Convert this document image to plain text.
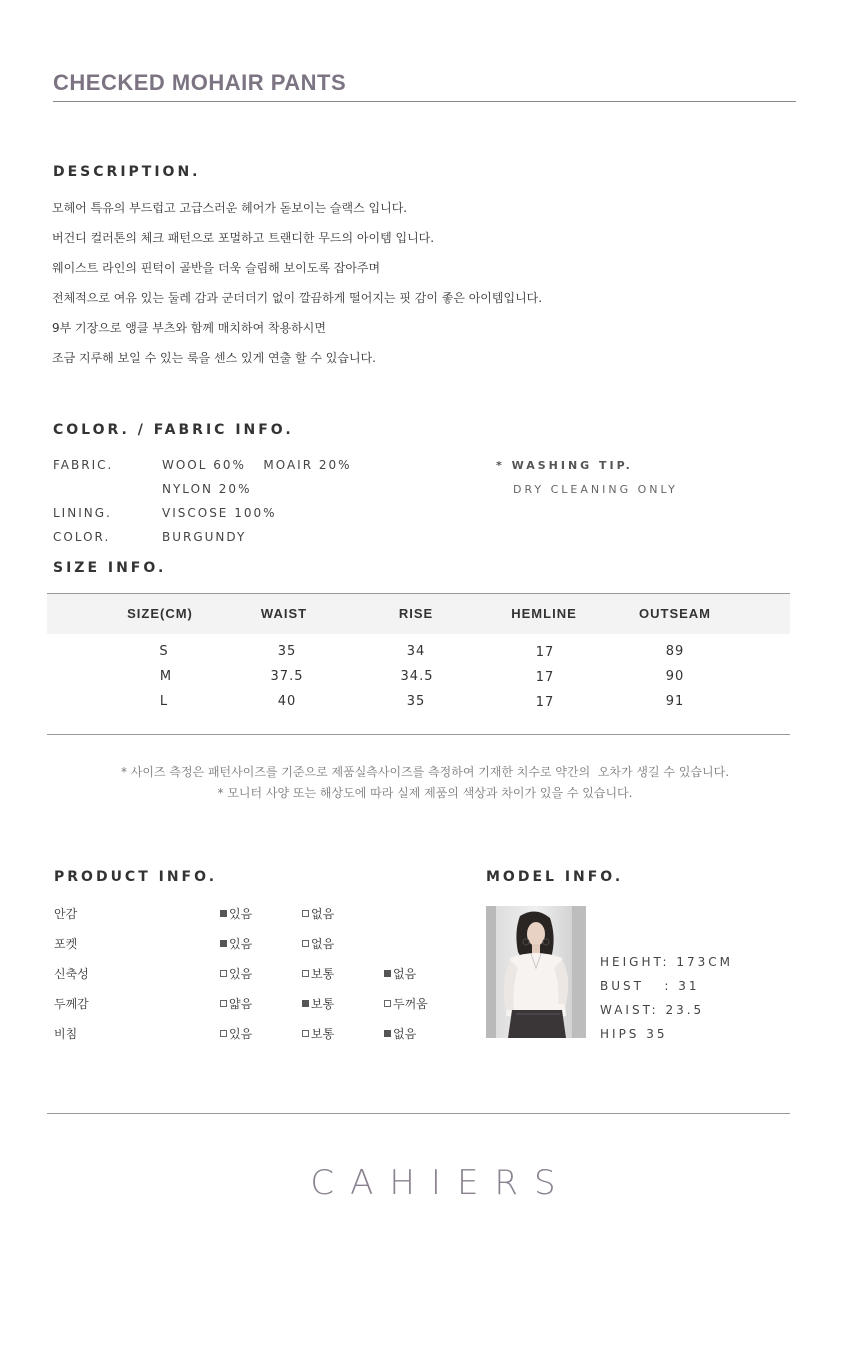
CHECKED MOHAIR PANTS
DESCRIPTION.
모헤어 특유의 부드럽고 고급스러운 헤어가 돋보이는 슬랙스 입니다.
버건디 컬러톤의 체크 패턴으로 포멀하고 트랜디한 무드의 아이템 입니다.
웨이스트 라인의 핀턱이 골반을 더욱 슬림해 보이도록 잡아주며
전체적으로 여유 있는 둘레 감과 군더더기 없이 깔끔하게 떨어지는 핏 감이 좋은 아이템입니다.
9부 기장으로 앵클 부츠와 함께 매치하여 착용하시면
조금 지루해 보일 수 있는 룩을 센스 있게 연출 할 수 있습니다.
COLOR. / FABRIC INFO.
FABRIC.	WOOL 60%   MOAIR 20%
NYLON 20%
LINING.	VISCOSE 100%
COLOR.	BURGUNDY
* WASHING TIP.
DRY CLEANING ONLY
SIZE INFO.
SIZE(CM)	WAIST	RISE	HEMLINE	OUTSEAM
S	35	34	17	89
M	37.5	34.5	17	90
L	40	35	17	91
* 사이즈 측정은 패턴사이즈를 기준으로 제품실측사이즈를 측정하여 기재한 치수로 약간의  오차가 생길 수 있습니다.
* 모니터 사양 또는 해상도에 따라 실제 제품의 색상과 차이가 있을 수 있습니다.
PRODUCT INFO.
안감	있음	없음
포켓	있음	없음
신축성	있음	보통	없음
두께감	얇음	보통	두꺼움
비침	있음	보통	없음
MODEL INFO.
HEIGHT: 173CM
BUST   : 31
WAIST: 23.5
HIPS 35
CAHIERS
